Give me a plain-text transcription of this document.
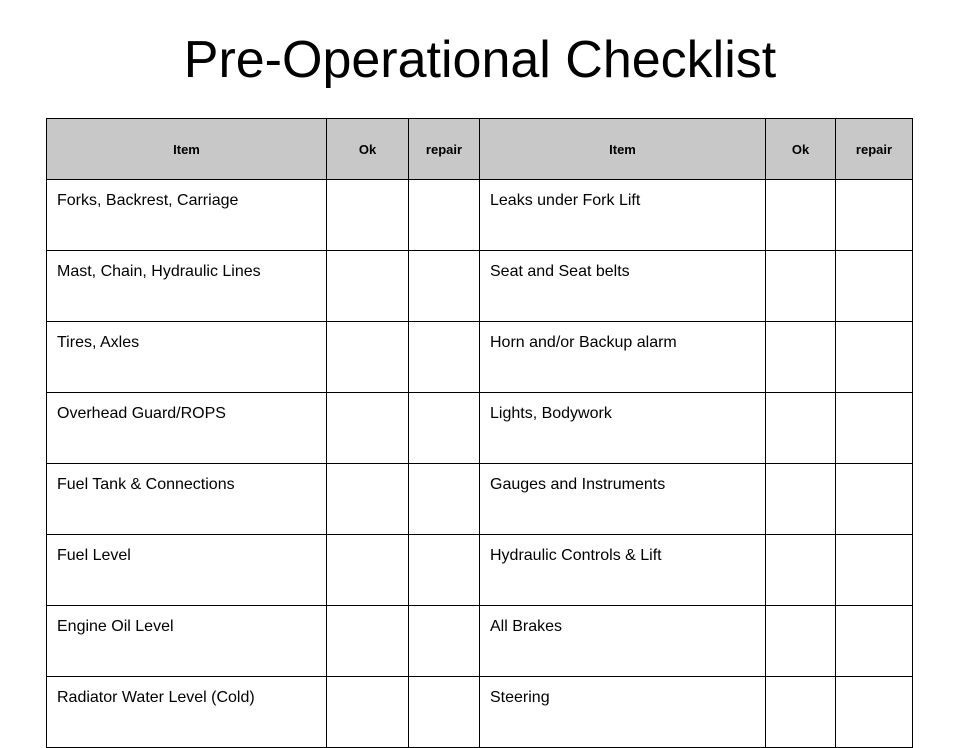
Pre-Operational Checklist
Item	Ok	repair	Item	Ok	repair
Forks, Backrest, Carriage			Leaks under Fork Lift		
Mast, Chain, Hydraulic Lines			Seat and Seat belts		
Tires, Axles			Horn and/or Backup alarm		
Overhead Guard/ROPS			Lights, Bodywork		
Fuel Tank & Connections			Gauges and Instruments		
Fuel Level			Hydraulic Controls & Lift		
Engine Oil Level			All Brakes		
Radiator Water Level (Cold)			Steering		
